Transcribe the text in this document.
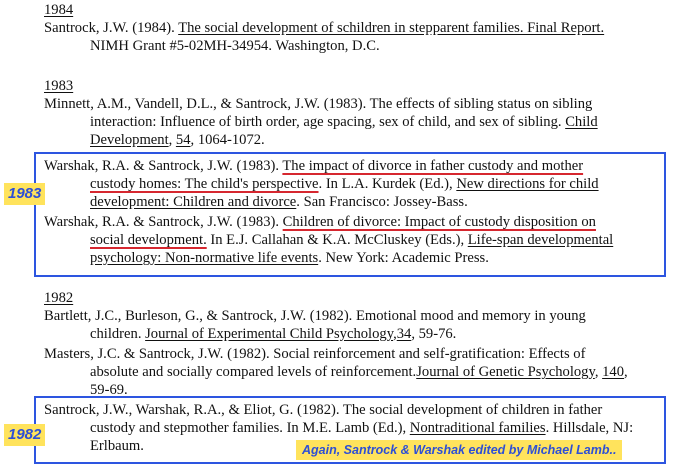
1984
Santrock, J.W. (1984). The social development of schildren in stepparent families. Final Report.
NIMH Grant #5-02MH-34954. Washington, D.C.
1983
Minnett, A.M., Vandell, D.L., & Santrock, J.W. (1983). The effects of sibling status on sibling
interaction: Influence of birth order, age spacing, sex of child, and sex of sibling. Child
Development, 54, 1064-1072.
1983
Warshak, R.A. & Santrock, J.W. (1983). The impact of divorce in father custody and mother
custody homes: The child's perspective. In L.A. Kurdek (Ed.), New directions for child
development: Children and divorce. San Francisco: Jossey-Bass.
Warshak, R.A. & Santrock, J.W. (1983). Children of divorce: Impact of custody disposition on
social development. In E.J. Callahan & K.A. McCluskey (Eds.), Life-span developmental
psychology: Non-normative life events. New York: Academic Press.
1982
Bartlett, J.C., Burleson, G., & Santrock, J.W. (1982). Emotional mood and memory in young
children. Journal of Experimental Child Psychology,34, 59-76.
Masters, J.C. & Santrock, J.W. (1982). Social reinforcement and self-gratification: Effects of
absolute and socially compared levels of reinforcement.Journal of Genetic Psychology, 140,
59-69.
1982
Santrock, J.W., Warshak, R.A., & Eliot, G. (1982). The social development of children in father
custody and stepmother families. In M.E. Lamb (Ed.), Nontraditional families. Hillsdale, NJ:
Erlbaum.	Again, Santrock & Warshak edited by Michael Lamb..
